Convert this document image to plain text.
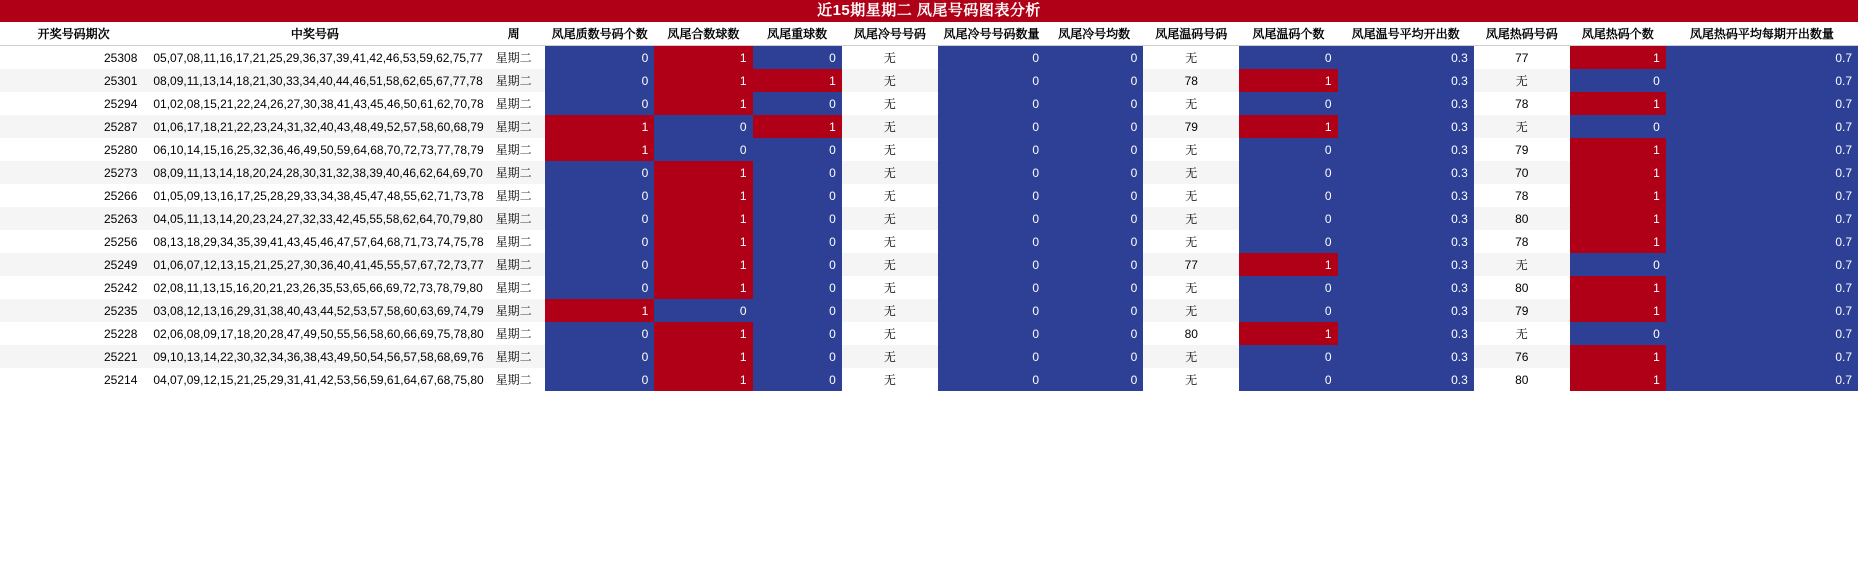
近15期星期二 凤尾号码图表分析
开奖号码期次	中奖号码	周	凤尾质数号码个数	凤尾合数球数	凤尾重球数	凤尾冷号号码	凤尾冷号号码数量	凤尾冷号均数	凤尾温码号码	凤尾温码个数	凤尾温号平均开出数	凤尾热码号码	凤尾热码个数	凤尾热码平均每期开出数量
25308	05,07,08,11,16,17,21,25,29,36,37,39,41,42,46,53,59,62,75,77	星期二	0	1	0	无	0	0	无	0	0.3	77	1	0.7
25301	08,09,11,13,14,18,21,30,33,34,40,44,46,51,58,62,65,67,77,78	星期二	0	1	1	无	0	0	78	1	0.3	无	0	0.7
25294	01,02,08,15,21,22,24,26,27,30,38,41,43,45,46,50,61,62,70,78	星期二	0	1	0	无	0	0	无	0	0.3	78	1	0.7
25287	01,06,17,18,21,22,23,24,31,32,40,43,48,49,52,57,58,60,68,79	星期二	1	0	1	无	0	0	79	1	0.3	无	0	0.7
25280	06,10,14,15,16,25,32,36,46,49,50,59,64,68,70,72,73,77,78,79	星期二	1	0	0	无	0	0	无	0	0.3	79	1	0.7
25273	08,09,11,13,14,18,20,24,28,30,31,32,38,39,40,46,62,64,69,70	星期二	0	1	0	无	0	0	无	0	0.3	70	1	0.7
25266	01,05,09,13,16,17,25,28,29,33,34,38,45,47,48,55,62,71,73,78	星期二	0	1	0	无	0	0	无	0	0.3	78	1	0.7
25263	04,05,11,13,14,20,23,24,27,32,33,42,45,55,58,62,64,70,79,80	星期二	0	1	0	无	0	0	无	0	0.3	80	1	0.7
25256	08,13,18,29,34,35,39,41,43,45,46,47,57,64,68,71,73,74,75,78	星期二	0	1	0	无	0	0	无	0	0.3	78	1	0.7
25249	01,06,07,12,13,15,21,25,27,30,36,40,41,45,55,57,67,72,73,77	星期二	0	1	0	无	0	0	77	1	0.3	无	0	0.7
25242	02,08,11,13,15,16,20,21,23,26,35,53,65,66,69,72,73,78,79,80	星期二	0	1	0	无	0	0	无	0	0.3	80	1	0.7
25235	03,08,12,13,16,29,31,38,40,43,44,52,53,57,58,60,63,69,74,79	星期二	1	0	0	无	0	0	无	0	0.3	79	1	0.7
25228	02,06,08,09,17,18,20,28,47,49,50,55,56,58,60,66,69,75,78,80	星期二	0	1	0	无	0	0	80	1	0.3	无	0	0.7
25221	09,10,13,14,22,30,32,34,36,38,43,49,50,54,56,57,58,68,69,76	星期二	0	1	0	无	0	0	无	0	0.3	76	1	0.7
25214	04,07,09,12,15,21,25,29,31,41,42,53,56,59,61,64,67,68,75,80	星期二	0	1	0	无	0	0	无	0	0.3	80	1	0.7
